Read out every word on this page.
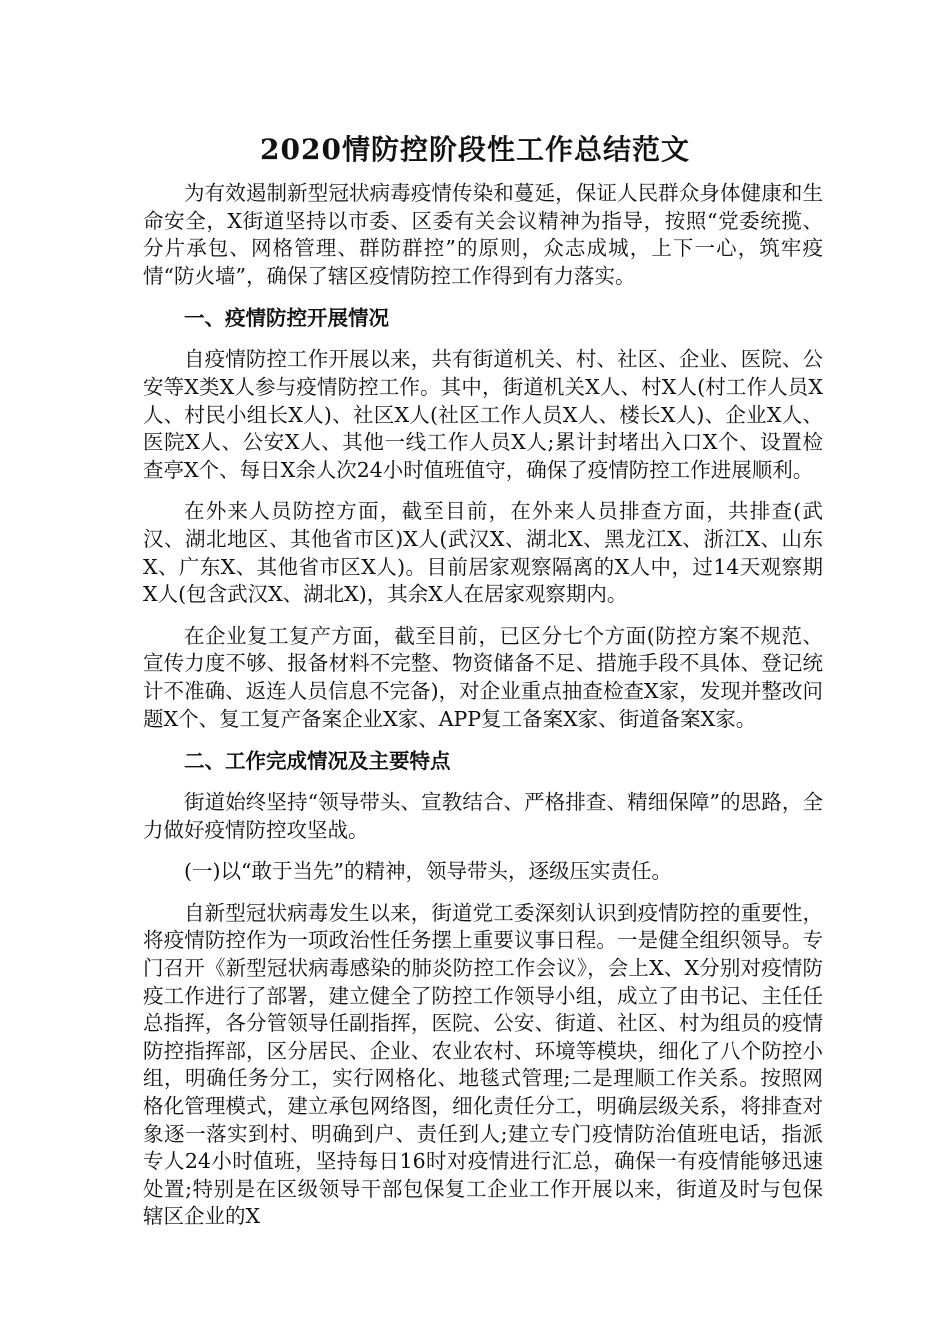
2020情防控阶段性工作总结范文

为有效遏制新型冠状病毒疫情传染和蔓延，保证人民群众身体健康和生命安全，X街道坚持以市委、区委有关会议精神为指导，按照“党委统揽、分片承包、网格管理、群防群控”的原则，众志成城，上下一心，筑牢疫情“防火墙”，确保了辖区疫情防控工作得到有力落实。

一、疫情防控开展情况

自疫情防控工作开展以来，共有街道机关、村、社区、企业、医院、公安等X类X人参与疫情防控工作。其中，街道机关X人、村X人(村工作人员X人、村民小组长X人)、社区X人(社区工作人员X人、楼长X人)、企业X人、医院X人、公安X人、其他一线工作人员X人;累计封堵出入口X个、设置检查亭X个、每日X余人次24小时值班值守，确保了疫情防控工作进展顺利。

在外来人员防控方面，截至目前，在外来人员排查方面，共排查(武汉、湖北地区、其他省市区)X人(武汉X、湖北X、黑龙江X、浙江X、山东X、广东X、其他省市区X人)。目前居家观察隔离的X人中，过14天观察期X人(包含武汉X、湖北X)，其余X人在居家观察期内。

在企业复工复产方面，截至目前，已区分七个方面(防控方案不规范、宣传力度不够、报备材料不完整、物资储备不足、措施手段不具体、登记统计不准确、返连人员信息不完备)，对企业重点抽查检查X家，发现并整改问题X个、复工复产备案企业X家、APP复工备案X家、街道备案X家。

二、工作完成情况及主要特点

街道始终坚持“领导带头、宣教结合、严格排查、精细保障”的思路，全力做好疫情防控攻坚战。

(一)以“敢于当先”的精神，领导带头，逐级压实责任。

自新型冠状病毒发生以来，街道党工委深刻认识到疫情防控的重要性，将疫情防控作为一项政治性任务摆上重要议事日程。一是健全组织领导。专门召开《新型冠状病毒感染的肺炎防控工作会议》，会上X、X分别对疫情防疫工作进行了部署，建立健全了防控工作领导小组，成立了由书记、主任任总指挥，各分管领导任副指挥，医院、公安、街道、社区、村为组员的疫情防控指挥部，区分居民、企业、农业农村、环境等模块，细化了八个防控小组，明确任务分工，实行网格化、地毯式管理;二是理顺工作关系。按照网格化管理模式，建立承包网络图，细化责任分工，明确层级关系，将排查对象逐一落实到村、明确到户、责任到人;建立专门疫情防治值班电话，指派专人24小时值班，坚持每日16时对疫情进行汇总，确保一有疫情能够迅速处置;特别是在区级领导干部包保复工企业工作开展以来，街道及时与包保辖区企业的X
